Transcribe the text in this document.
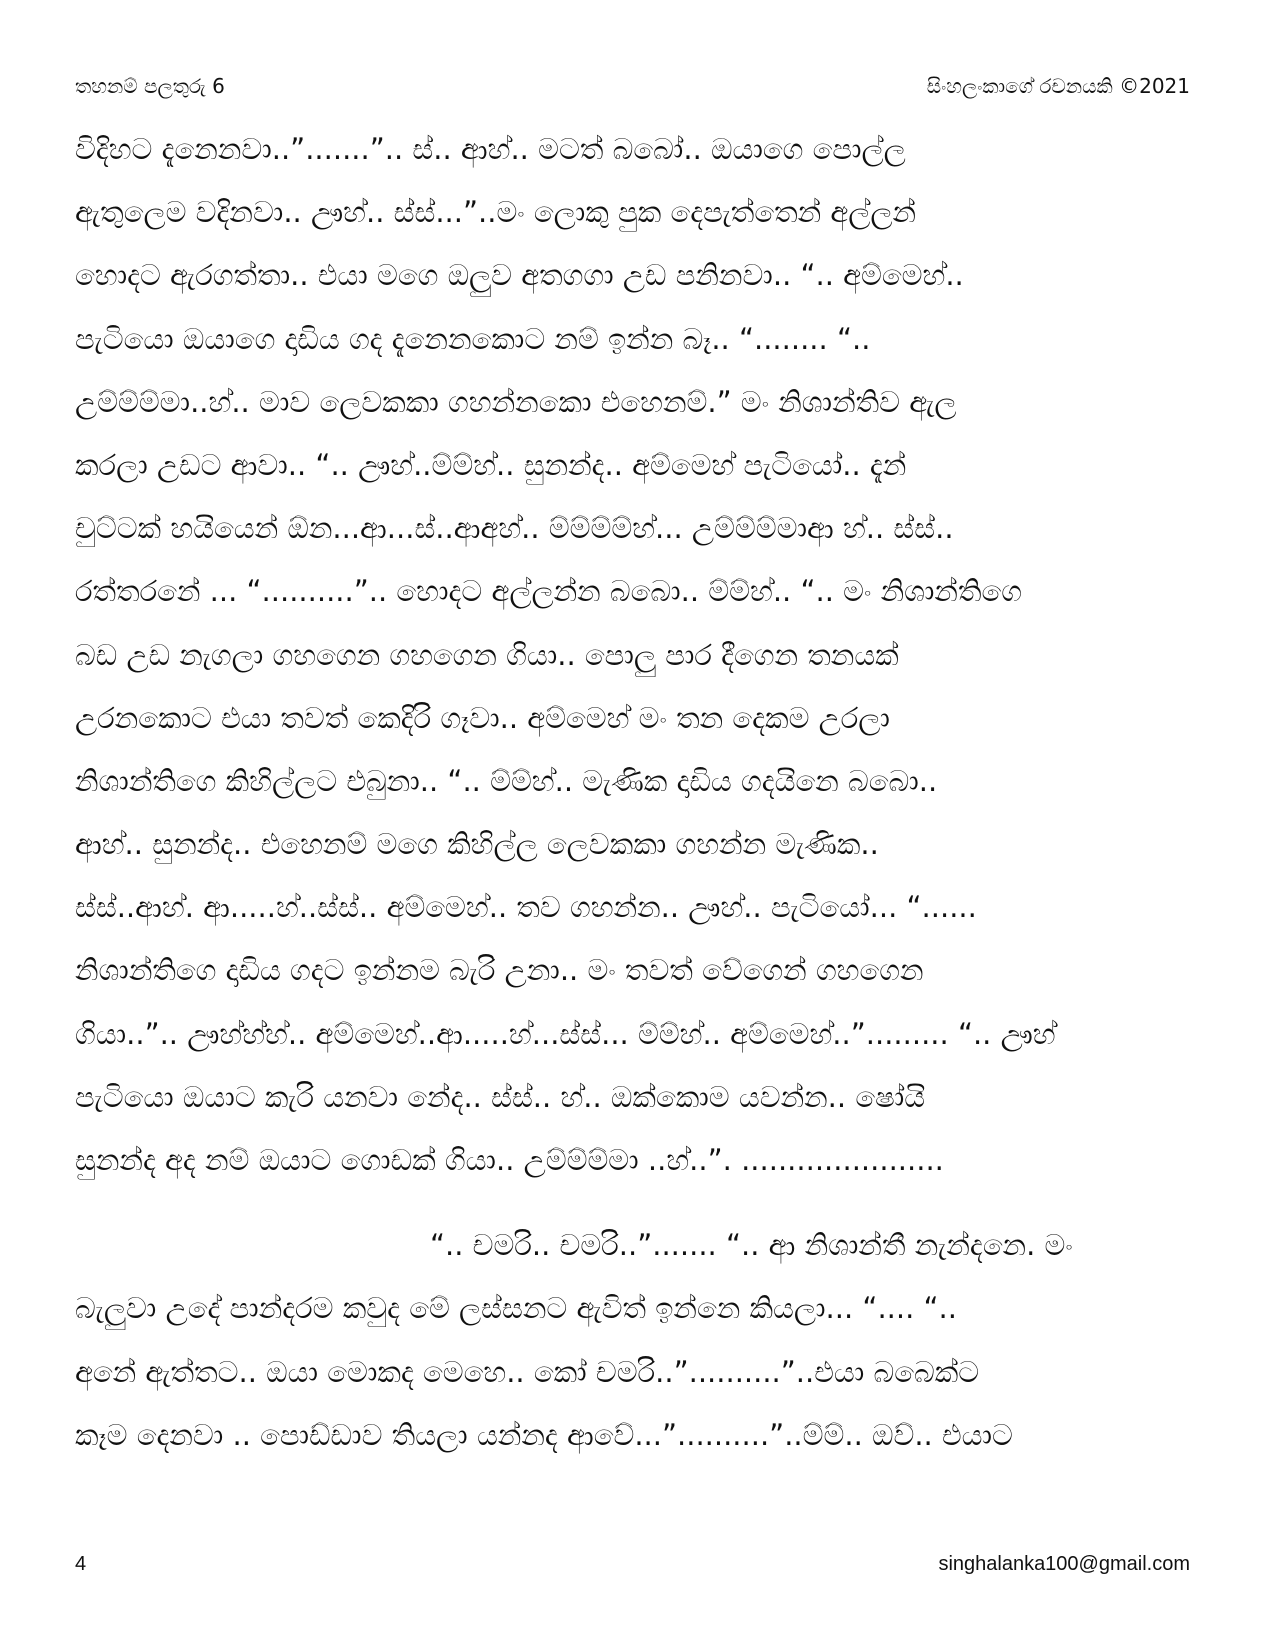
තහනම් පලතුරු 6	සිංහලංකාගේ රචනයකි ©2021
විදිහට දැනෙනවා..”.......”.. ස්.. ආහ්.. මටත් බබෝ.. ඔයාගෙ පොල්ල
ඇතුලෙම වදිනවා.. ඌහ්.. ස්ස්...”..මං ලොකු පුක දෙපැත්තෙන් අල්ලන්
හොදට ඇරගත්තා.. එයා මගෙ ඔලුව අතගගා උඩ පනිනවා.. “.. අම්මෙහ්..
පැටියො ඔයාගෙ දාඩිය ගද දැනෙනකොට නම් ඉන්න බෑ.. “........ “..
උම්ම්ම්මා..හ්.. මාව ලෙවකකා ගහන්නකො එහෙනම්.” මං නිශාන්තිව ඇල
කරලා උඩට ආවා.. “.. ඌහ්..ම්ම්හ්.. සුනන්ද.. අම්මෙහ් පැටියෝ.. දැන්
චුට්ටක් හයියෙන් ඕන...ආ...ස්..ආඅහ්.. ම්ම්ම්ම්හ්... උම්ම්ම්මාආ හ්.. ස්ස්..
රත්තරනේ ... “..........”.. හොදට අල්ලන්න බබො.. ම්ම්හ්.. “.. මං නිශාන්තිගෙ
බඩ උඩ නැගලා ගහගෙන ගහගෙන ගියා.. පොලු පාර දීගෙන තනයක්
උරනකොට එයා තවත් කෙදිරි ගෑවා.. අම්මෙහ් මං තන දෙකම උරලා
නිශාන්තිගෙ කිහිල්ලට එබුනා.. “.. ම්ම්හ්.. මැණික දාඩිය ගදයිනෙ බබො..
ආහ්.. සුනන්ද.. එහෙනම් මගෙ කිහිල්ල ලෙවකකා ගහන්න මැණික..
ස්ස්..ආහ්. ආ.....හ්..ස්ස්.. අම්මෙහ්.. තව ගහන්න.. ඌහ්.. පැටියෝ... “......
නිශාන්තිගෙ දාඩිය ගදට ඉන්නම බැරි උනා.. මං තවත් වේගෙන් ගහගෙන
ගියා..”.. ඌහ්හ්හ්.. අම්මෙහ්..ආ.....හ්...ස්ස්... ම්ම්හ්.. අම්මෙහ්..”......... “.. ඌහ්
පැටියො ඔයාට කැරි යනවා නේද.. ස්ස්.. හ්.. ඔක්කොම යවන්න.. ෂෝයි
සුනන්ද අද නම් ඔයාට ගොඩක් ගියා.. උම්ම්ම්මා ..හ්..”. ......................
“.. චමරි.. චමරි..”....... “.. ආ නිශාන්තී නැන්දනෙ. මං
බැලුවා උදේ පාන්දරම කවුද මේ ලස්සනට ඇවිත් ඉන්නෙ කියලා... “.... “..
අනේ ඇත්තට.. ඔයා මොකද මෙහෙ.. කෝ චමරි..”..........”..එයා බබෙක්ට
කෑම දෙනවා .. පොඩ්ඩාව තියලා යන්නද ආවේ...”..........”..ම්ම්.. ඔව්.. එයාට
4	singhalanka100@gmail.com
